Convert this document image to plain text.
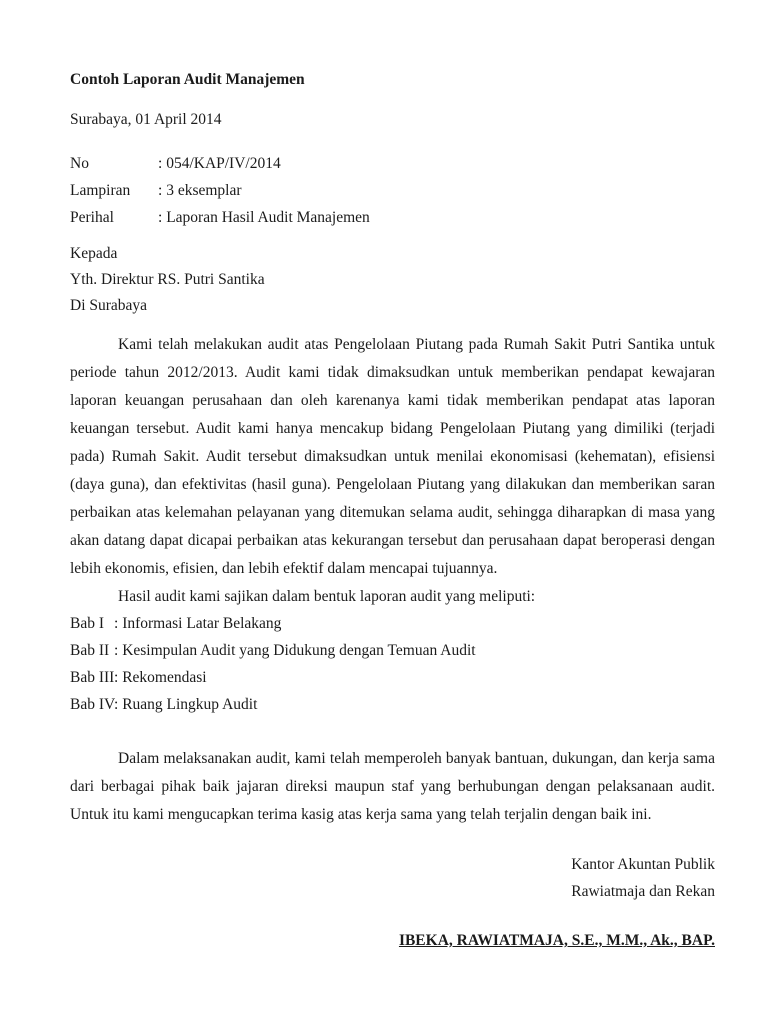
Contoh Laporan Audit Manajemen
Surabaya, 01 April 2014
No	: 054/KAP/IV/2014
Lampiran : 3 eksemplar
Perihal	: Laporan Hasil Audit Manajemen
Kepada
Yth. Direktur RS. Putri Santika
Di Surabaya

Kami telah melakukan audit atas Pengelolaan Piutang pada Rumah Sakit Putri Santika untuk periode tahun 2012/2013. Audit kami tidak dimaksudkan untuk memberikan pendapat kewajaran laporan keuangan perusahaan dan oleh karenanya kami tidak memberikan pendapat atas laporan keuangan tersebut. Audit kami hanya mencakup bidang Pengelolaan Piutang yang dimiliki (terjadi pada) Rumah Sakit. Audit tersebut dimaksudkan untuk menilai ekonomisasi (kehematan), efisiensi (daya guna), dan efektivitas (hasil guna). Pengelolaan Piutang yang dilakukan dan memberikan saran perbaikan atas kelemahan pelayanan yang ditemukan selama audit, sehingga diharapkan di masa yang akan datang dapat dicapai perbaikan atas kekurangan tersebut dan perusahaan dapat beroperasi dengan lebih ekonomis, efisien, dan lebih efektif dalam mencapai tujuannya.

Hasil audit kami sajikan dalam bentuk laporan audit yang meliputi:
Bab I : Informasi Latar Belakang
Bab II : Kesimpulan Audit yang Didukung dengan Temuan Audit
Bab III: Rekomendasi
Bab IV: Ruang Lingkup Audit

Dalam melaksanakan audit, kami telah memperoleh banyak bantuan, dukungan, dan kerja sama dari berbagai pihak baik jajaran direksi maupun staf yang berhubungan dengan pelaksanaan audit. Untuk itu kami mengucapkan terima kasig atas kerja sama yang telah terjalin dengan baik ini.

Kantor Akuntan Publik
Rawiatmaja dan Rekan
IBEKA, RAWIATMAJA, S.E., M.M., Ak., BAP.
